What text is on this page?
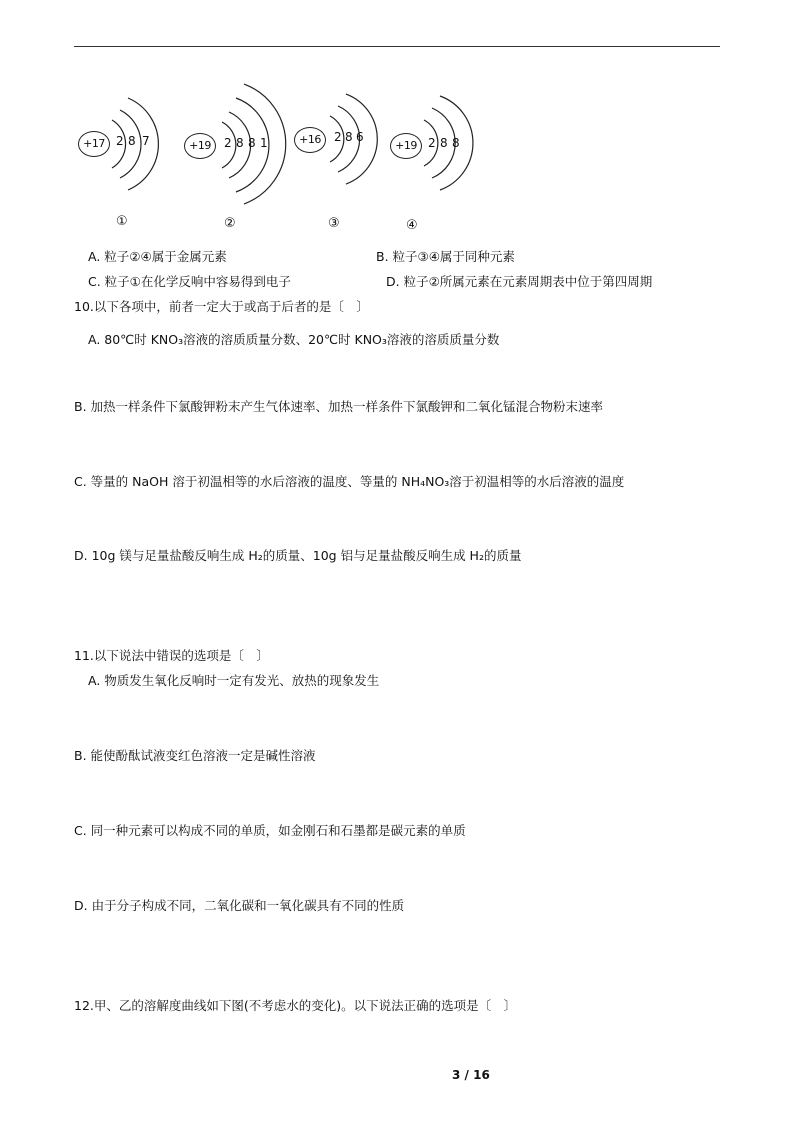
+17 2 8 7
①
+19	2 8 8 1
②
+16	2 8 6
③
+19 2 8 8
④
A. 粒子②④属于金属元素	B. 粒子③④属于同种元素
C. 粒子①在化学反响中容易得到电子	D. 粒子②所属元素在元素周期表中位于第四周期
10.以下各项中，前者一定大于或高于后者的是〔　〕
A. 80℃时 KNO₃溶液的溶质质量分数、20℃时 KNO₃溶液的溶质质量分数
B. 加热一样条件下氯酸钾粉末产生气体速率、加热一样条件下氯酸钾和二氧化锰混合物粉末速率
C. 等量的 NaOH 溶于初温相等的水后溶液的温度、等量的 NH₄NO₃溶于初温相等的水后溶液的温度
D. 10g 镁与足量盐酸反响生成 H₂的质量、10g 铝与足量盐酸反响生成 H₂的质量
11.以下说法中错误的选项是〔　〕
A. 物质发生氧化反响时一定有发光、放热的现象发生
B. 能使酚酞试液变红色溶液一定是碱性溶液
C. 同一种元素可以构成不同的单质，如金刚石和石墨都是碳元素的单质
D. 由于分子构成不同，二氧化碳和一氧化碳具有不同的性质
12.甲、乙的溶解度曲线如下图(不考虑水的变化)。以下说法正确的选项是〔　〕
3 / 16
